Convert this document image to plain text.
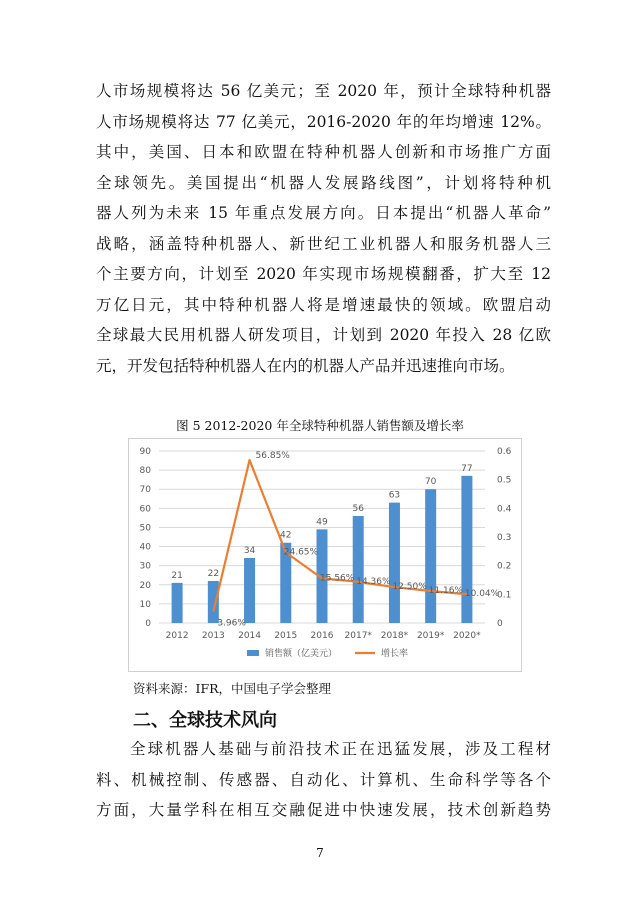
人市场规模将达 56 亿美元；至 2020 年，预计全球特种机器
人市场规模将达 77 亿美元，2016-2020 年的年均增速 12%。
其中，美国、日本和欧盟在特种机器人创新和市场推广方面
全球领先。美国提出“机器人发展路线图”，计划将特种机
器人列为未来 15 年重点发展方向。日本提出“机器人革命”
战略，涵盖特种机器人、新世纪工业机器人和服务机器人三
个主要方向，计划至 2020 年实现市场规模翻番，扩大至 12
万亿日元，其中特种机器人将是增速最快的领域。欧盟启动
全球最大民用机器人研发项目，计划到 2020 年投入 28 亿欧
元，开发包括特种机器人在内的机器人产品并迅速推向市场。
图 5 2012-2020 年全球特种机器人销售额及增长率
0
10
20
30
40
50
60
70
80
90
0
0.1
0.2
0.3
0.4
0.5
0.6
21	22
34
42
49
56
63
70
77
2012 2013 2014 2015 2016 2017* 2018* 2019* 2020*
3.96%
56.85%
24.65%
15.56% 14.36%
12.50% 11.16% 10.04%
销售额（亿美元）	增长率
资料来源：IFR，中国电子学会整理
二、全球技术风向
全球机器人基础与前沿技术正在迅猛发展，涉及工程材
料、机械控制、传感器、自动化、计算机、生命科学等各个
方面，大量学科在相互交融促进中快速发展，技术创新趋势
7
